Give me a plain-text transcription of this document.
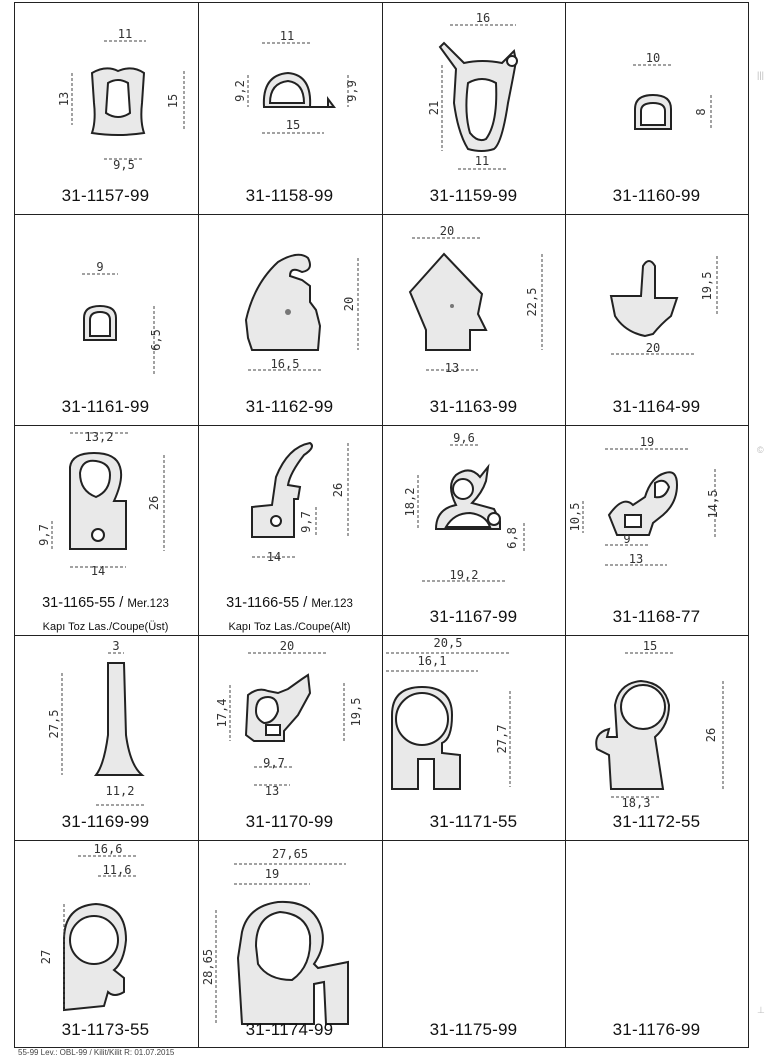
11
13	15
9,5
31-1157-99
11
9,2	9,9
15
31-1158-99
16
21
11
31-1159-99
10
8
31-1160-99
9
6,5
31-1161-99
20
16,5
31-1162-99
20
22,5
13
31-1163-99
19,5
20
31-1164-99
13,2
26
9,7
14
31-1165-55 / Mer.123
Kapı Toz Las./Coupe(Üst)
26
9,7
14
31-1166-55 / Mer.123
Kapı Toz Las./Coupe(Alt)
9,6
18,2
6,8
19,2
31-1167-99
19
10,5	14,5
9
13
31-1168-77
3
27,5
11,2
31-1169-99
20
17,4	19,5
9,7
13
31-1170-99
20,5
16,1
27,7
31-1171-55
15
26
18,3
31-1172-55
16,6
11,6
27
31-1173-55
27,65
19
28,65
31-1174-99	31-1175-99	31-1176-99
55-99 Lev.: OBL-99 / Kilit/Kilit R: 01.07.2015
|||
©
⊥
